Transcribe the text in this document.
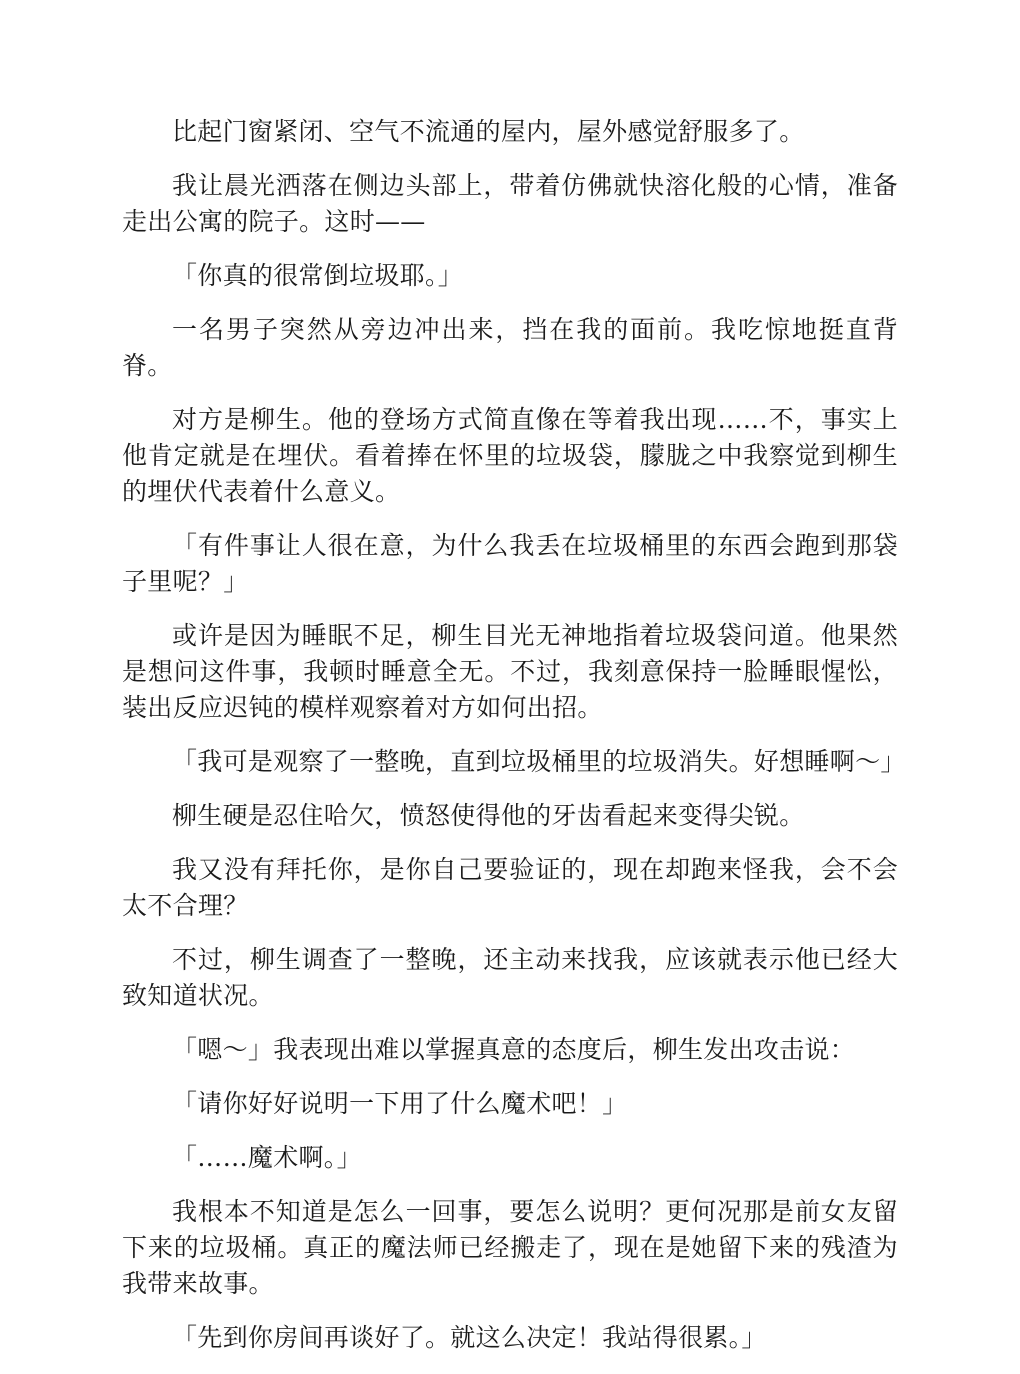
比起门窗紧闭、空气不流通的屋内，屋外感觉舒服多了。

我让晨光洒落在侧边头部上，带着仿佛就快溶化般的心情，准备走出公寓的院子。这时——

「你真的很常倒垃圾耶。」

一名男子突然从旁边冲出来，挡在我的面前。我吃惊地挺直背脊。

对方是柳生。他的登场方式简直像在等着我出现……不，事实上他肯定就是在埋伏。看着捧在怀里的垃圾袋，朦胧之中我察觉到柳生的埋伏代表着什么意义。

「有件事让人很在意，为什么我丢在垃圾桶里的东西会跑到那袋子里呢？」

或许是因为睡眠不足，柳生目光无神地指着垃圾袋问道。他果然是想问这件事，我顿时睡意全无。不过，我刻意保持一脸睡眼惺忪，装出反应迟钝的模样观察着对方如何出招。

「我可是观察了一整晚，直到垃圾桶里的垃圾消失。好想睡啊～」

柳生硬是忍住哈欠，愤怒使得他的牙齿看起来变得尖锐。

我又没有拜托你，是你自己要验证的，现在却跑来怪我，会不会太不合理？

不过，柳生调查了一整晚，还主动来找我，应该就表示他已经大致知道状况。

「嗯～」我表现出难以掌握真意的态度后，柳生发出攻击说：

「请你好好说明一下用了什么魔术吧！」

「……魔术啊。」

我根本不知道是怎么一回事，要怎么说明？更何况那是前女友留下来的垃圾桶。真正的魔法师已经搬走了，现在是她留下来的残渣为我带来故事。

「先到你房间再谈好了。就这么决定！我站得很累。」
